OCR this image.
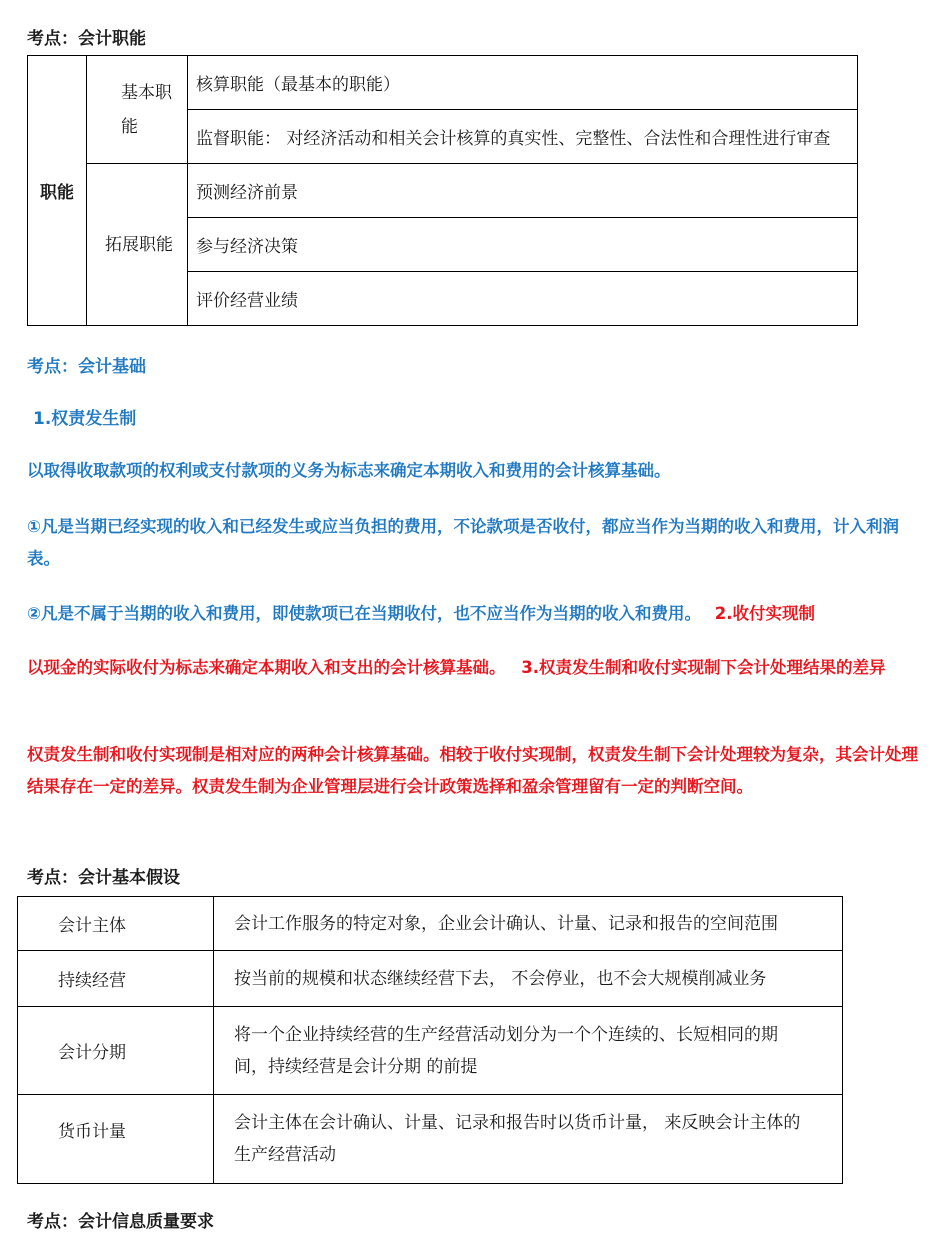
考点：会计职能
职能	基本职能	核算职能（最基本的职能）
		监督职能： 对经济活动和相关会计核算的真实性、完整性、合法性和合理性进行审查
	拓展职能	预测经济前景
		参与经济决策
		评价经营业绩
考点：会计基础
1.权责发生制
以取得收取款项的权利或支付款项的义务为标志来确定本期收入和费用的会计核算基础。
①凡是当期已经实现的收入和已经发生或应当负担的费用，不论款项是否收付，都应当作为当期的收入和费用，计入利润表。
②凡是不属于当期的收入和费用，即使款项已在当期收付，也不应当作为当期的收入和费用。 2.收付实现制
以现金的实际收付为标志来确定本期收入和支出的会计核算基础。 3.权责发生制和收付实现制下会计处理结果的差异
权责发生制和收付实现制是相对应的两种会计核算基础。相较于收付实现制，权责发生制下会计处理较为复杂，其会计处理结果存在一定的差异。权责发生制为企业管理层进行会计政策选择和盈余管理留有一定的判断空间。
考点：会计基本假设
会计主体	会计工作服务的特定对象，企业会计确认、计量、记录和报告的空间范围
持续经营	按当前的规模和状态继续经营下去， 不会停业，也不会大规模削减业务
会计分期	将一个企业持续经营的生产经营活动划分为一个个连续的、长短相同的期
间，持续经营是会计分期 的前提

货币计量	会计主体在会计确认、计量、记录和报告时以货币计量， 来反映会计主体的
生产经营活动
考点：会计信息质量要求
